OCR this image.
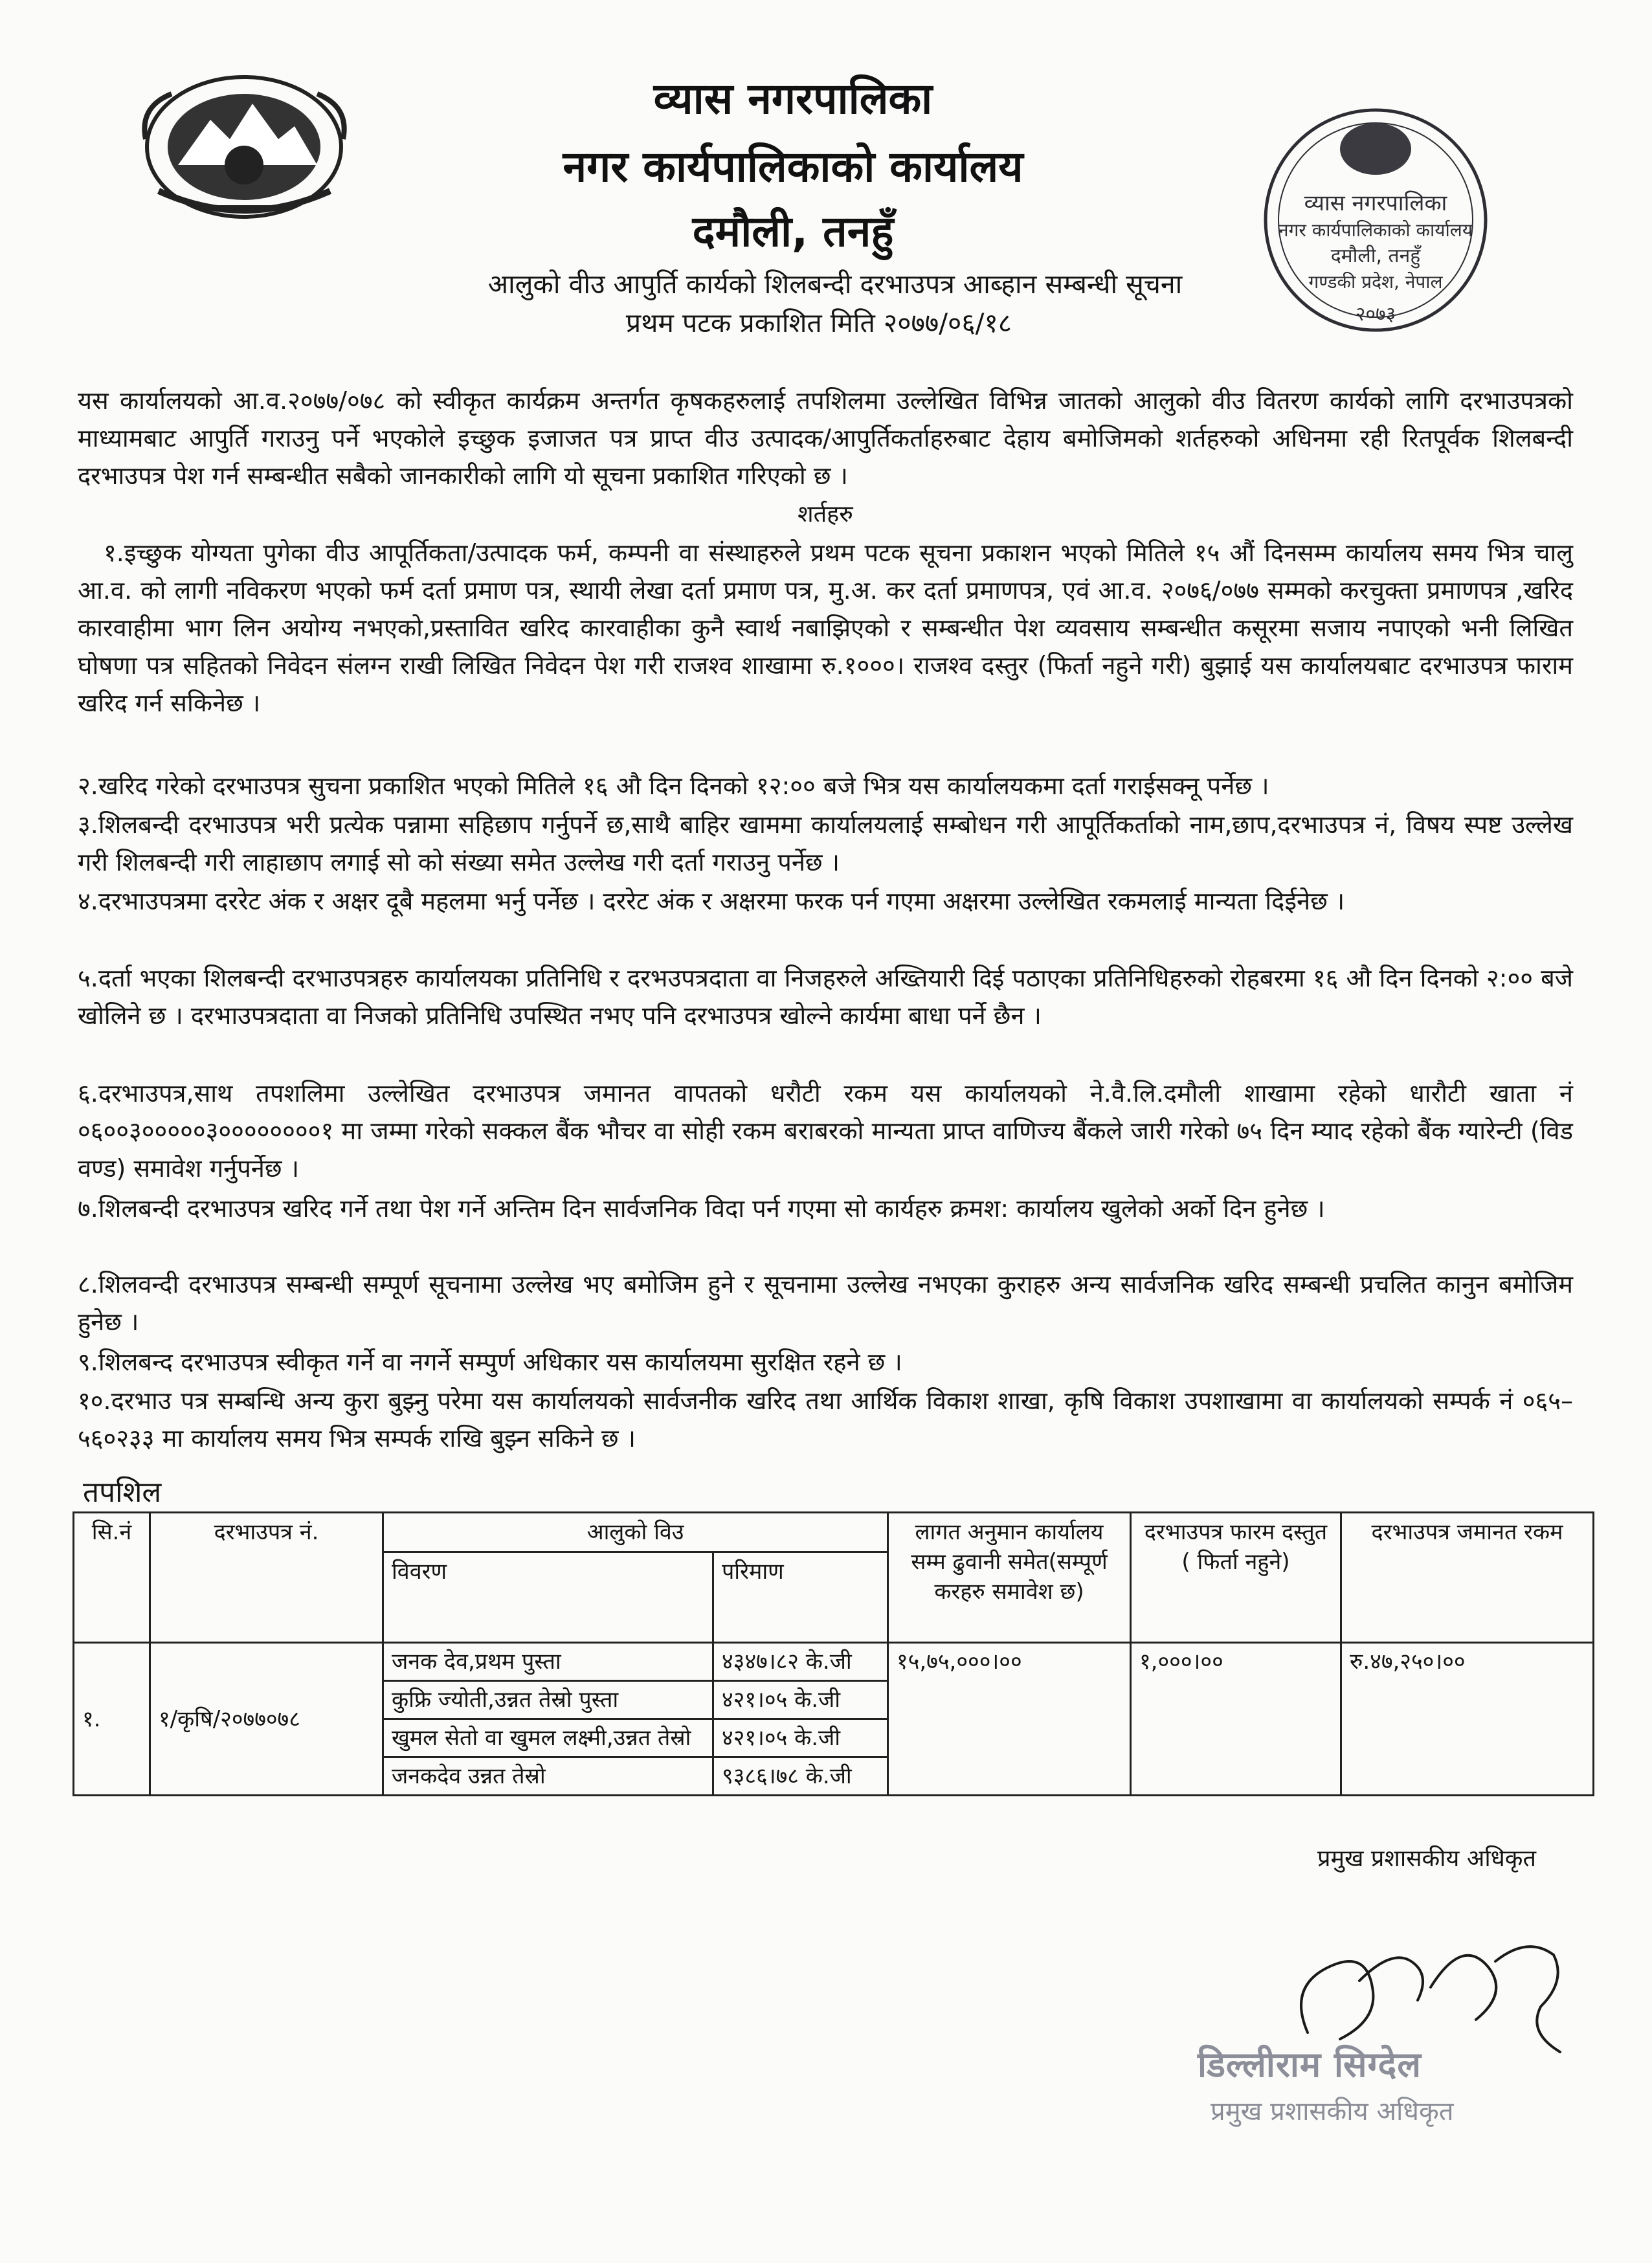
व्यास नगरपालिका
नगर कार्यपालिकाको कार्यालय
दमौली, तनहुँ
आलुको वीउ आपुर्ति कार्यको शिलबन्दी दरभाउपत्र आब्हान सम्बन्धी सूचना
प्रथम पटक प्रकाशित मिति २०७७/०६/१८
व्यास नगरपालिका
नगर कार्यपालिकाको कार्यालय
दमौली, तनहुँ
गण्डकी प्रदेश, नेपाल
२०७३
यस कार्यालयको आ.व.२०७७/०७८ को स्वीकृत कार्यक्रम अन्तर्गत कृषकहरुलाई तपशिलमा उल्लेखित विभिन्न जातको आलुको वीउ वितरण कार्यको लागि दरभाउपत्रको माध्यामबाट आपुर्ति गराउनु पर्ने भएकोले इच्छुक इजाजत पत्र प्राप्त वीउ उत्पादक/आपुर्तिकर्ताहरुबाट देहाय बमोजिमको शर्तहरुको अधिनमा रही रितपूर्वक शिलबन्दी दरभाउपत्र पेश गर्न सम्बन्धीत सबैको जानकारीको लागि यो सूचना प्रकाशित गरिएको छ ।
शर्तहरु
१.इच्छुक योग्यता पुगेका वीउ आपूर्तिकता/उत्पादक फर्म, कम्पनी वा संस्थाहरुले प्रथम पटक सूचना प्रकाशन भएको मितिले १५ औं दिनसम्म कार्यालय समय भित्र चालु आ.व. को लागी नविकरण भएको फर्म दर्ता प्रमाण पत्र, स्थायी लेखा दर्ता प्रमाण पत्र, मु.अ. कर दर्ता प्रमाणपत्र, एवं आ.व. २०७६/०७७ सम्मको करचुक्ता प्रमाणपत्र ,खरिद कारवाहीमा भाग लिन अयोग्य नभएको,प्रस्तावित खरिद कारवाहीका कुनै स्वार्थ नबाझिएको र सम्बन्धीत पेश व्यवसाय सम्बन्धीत कसूरमा सजाय नपाएको भनी लिखित घोषणा पत्र सहितको निवेदन संलग्न राखी लिखित निवेदन पेश गरी राजश्व शाखामा रु.१०००। राजश्व दस्तुर (फिर्ता नहुने गरी) बुझाई यस कार्यालयबाट दरभाउपत्र फाराम खरिद गर्न सकिनेछ ।
२.खरिद गरेको दरभाउपत्र सुचना प्रकाशित भएको मितिले १६ औ दिन दिनको १२:०० बजे भित्र यस कार्यालयकमा दर्ता गराईसक्नू पर्नेछ ।
३.शिलबन्दी दरभाउपत्र भरी प्रत्येक पन्नामा सहिछाप गर्नुपर्ने छ,साथै बाहिर खाममा कार्यालयलाई सम्बोधन गरी आपूर्तिकर्ताको नाम,छाप,दरभाउपत्र नं, विषय स्पष्ट उल्लेख गरी शिलबन्दी गरी लाहाछाप लगाई सो को संख्या समेत उल्लेख गरी दर्ता गराउनु पर्नेछ ।
४.दरभाउपत्रमा दररेट अंक र अक्षर दूबै महलमा भर्नु पर्नेछ । दररेट अंक र अक्षरमा फरक पर्न गएमा अक्षरमा उल्लेखित रकमलाई मान्यता दिईनेछ ।
५.दर्ता भएका शिलबन्दी दरभाउपत्रहरु कार्यालयका प्रतिनिधि र दरभउपत्रदाता वा निजहरुले अख्तियारी दिई पठाएका प्रतिनिधिहरुको रोहबरमा १६ औ दिन दिनको २:०० बजे खोलिने छ । दरभाउपत्रदाता वा निजको प्रतिनिधि उपस्थित नभए पनि दरभाउपत्र खोल्ने कार्यमा बाधा पर्ने छैन ।
६.दरभाउपत्र,साथ तपशलिमा उल्लेखित दरभाउपत्र जमानत वापतको धरौटी रकम यस कार्यालयको ने.वै.लि.दमौली शाखामा रहेको धारौटी खाता नं ०६००३०००००३००००००००१ मा जम्मा गरेको सक्कल बैंक भौचर वा सोही रकम बराबरको मान्यता प्राप्त वाणिज्य बैंकले जारी गरेको ७५ दिन म्याद रहेको बैंक ग्यारेन्टी (विड वण्ड) समावेश गर्नुपर्नेछ ।
७.शिलबन्दी दरभाउपत्र खरिद गर्ने तथा पेश गर्ने अन्तिम दिन सार्वजनिक विदा पर्न गएमा सो कार्यहरु क्रमश: कार्यालय खुलेको अर्को दिन हुनेछ ।
८.शिलवन्दी दरभाउपत्र सम्बन्धी सम्पूर्ण सूचनामा उल्लेख भए बमोजिम हुने र सूचनामा उल्लेख नभएका कुराहरु अन्य सार्वजनिक खरिद सम्बन्धी प्रचलित कानुन बमोजिम हुनेछ ।
९.शिलबन्द दरभाउपत्र स्वीकृत गर्ने वा नगर्ने सम्पुर्ण अधिकार यस कार्यालयमा सुरक्षित रहने छ ।
१०.दरभाउ पत्र सम्बन्धि अन्य कुरा बुझ्नु परेमा यस कार्यालयको सार्वजनीक खरिद तथा आर्थिक विकाश शाखा, कृषि विकाश उपशाखामा वा कार्यालयको सम्पर्क नं ०६५–५६०२३३ मा कार्यालय समय भित्र सम्पर्क राखि बुझ्न सकिने छ ।
तपशिल
सि.नं	दरभाउपत्र नं.	आलुको विउ		लागत अनुमान कार्यालय सम्म ढुवानी समेत(सम्पूर्ण करहरु समावेश छ)	दरभाउपत्र फारम दस्तुत ( फिर्ता नहुने)	दरभाउपत्र जमानत रकम
		विवरण	परिमाण			
१.	१/कृषि/२०७७०७८	जनक देव,प्रथम पुस्ता	४३४७।८२ के.जी	१५,७५,०००।००	१,०००।००	रु.४७,२५०।००
		कुफ्रि ज्योती,उन्नत तेस्रो पुस्ता	४२१।०५ के.जी			
		खुमल सेतो वा खुमल लक्ष्मी,उन्नत तेस्रो	४२१।०५ के.जी			
		जनकदेव उन्नत तेस्रो	९३८६।७८ के.जी			
प्रमुख प्रशासकीय अधिकृत
डिल्लीराम सिग्देल
प्रमुख प्रशासकीय अधिकृत
